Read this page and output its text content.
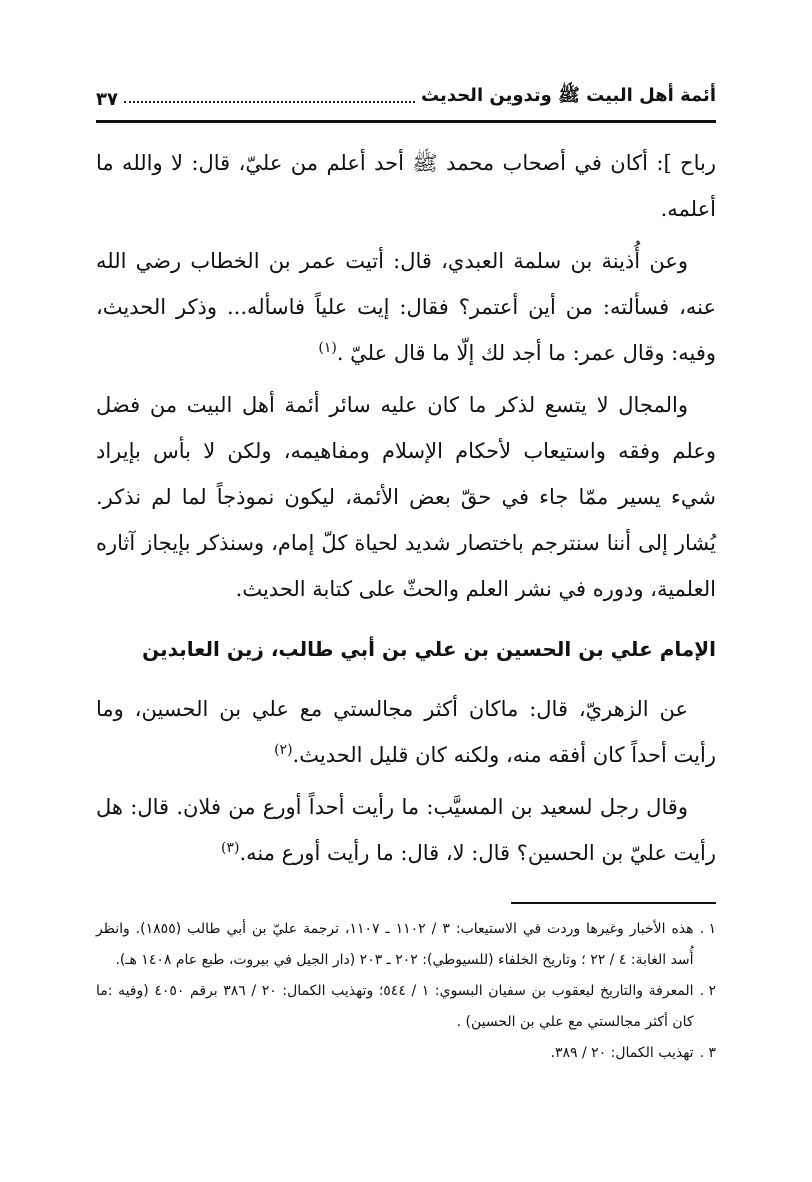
أئمة أهل البيت ﷺ وتدوين الحديث
٣٧

رباح ]: أكان في أصحاب محمد ﷺ أحد أعلم من عليّ، قال: لا والله ما أعلمه.

وعن أُذينة بن سلمة العبدي، قال: أتيت عمر بن الخطاب رضي الله عنه، فسألته: من أين أعتمر؟ فقال: إيت علياً فاسأله... وذكر الحديث، وفيه: وقال عمر: ما أجد لك إلّا ما قال عليّ .$^{(١)}$

والمجال لا يتسع لذكر ما كان عليه سائر أئمة أهل البيت من فضل وعلم وفقه واستيعاب لأحكام الإسلام ومفاهيمه، ولكن لا بأس بإيراد شيء يسير ممّا جاء في حقّ بعض الأئمة، ليكون نموذجاً لما لم نذكر. يُشار إلى أننا سنترجم باختصار شديد لحياة كلّ إمام، وسنذكر بإيجاز آثاره العلمية، ودوره في نشر العلم والحثّ على كتابة الحديث.

الإمام علي بن الحسين بن علي بن أبي طالب، زين العابدين

عن الزهريّ، قال: ماكان أكثر مجالستي مع علي بن الحسين، وما رأيت أحداً كان أفقه منه، ولكنه كان قليل الحديث.$^{(٢)}$

وقال رجل لسعيد بن المسيَّب: ما رأيت أحداً أورع من فلان. قال: هل رأيت عليّ بن الحسين؟ قال: لا، قال: ما رأيت أورع منه.$^{(٣)}$

١ .
هذه الأخبار وغيرها وردت في الاستيعاب: ٣ / ١١٠٢ ـ ١١٠٧، ترجمة عليّ بن أبي طالب (١٨٥٥). وانظر أُسد الغابة: ٤ / ٢٢ ؛ وتاريخ الخلفاء (للسيوطي): ٢٠٢ ـ ٢٠٣ (دار الجيل في بيروت، طبع عام ١٤٠٨ هـ).
٢ .
المعرفة والتاريخ ليعقوب بن سفيان البسوي: ١ / ٥٤٤؛ وتهذيب الكمال: ٢٠ / ٣٨٦ برقم ٤٠٥٠ (وفيه :ما كان أكثر مجالستي مع علي بن الحسين) .
٣ .
تهذيب الكمال: ٢٠ / ٣٨٩.
